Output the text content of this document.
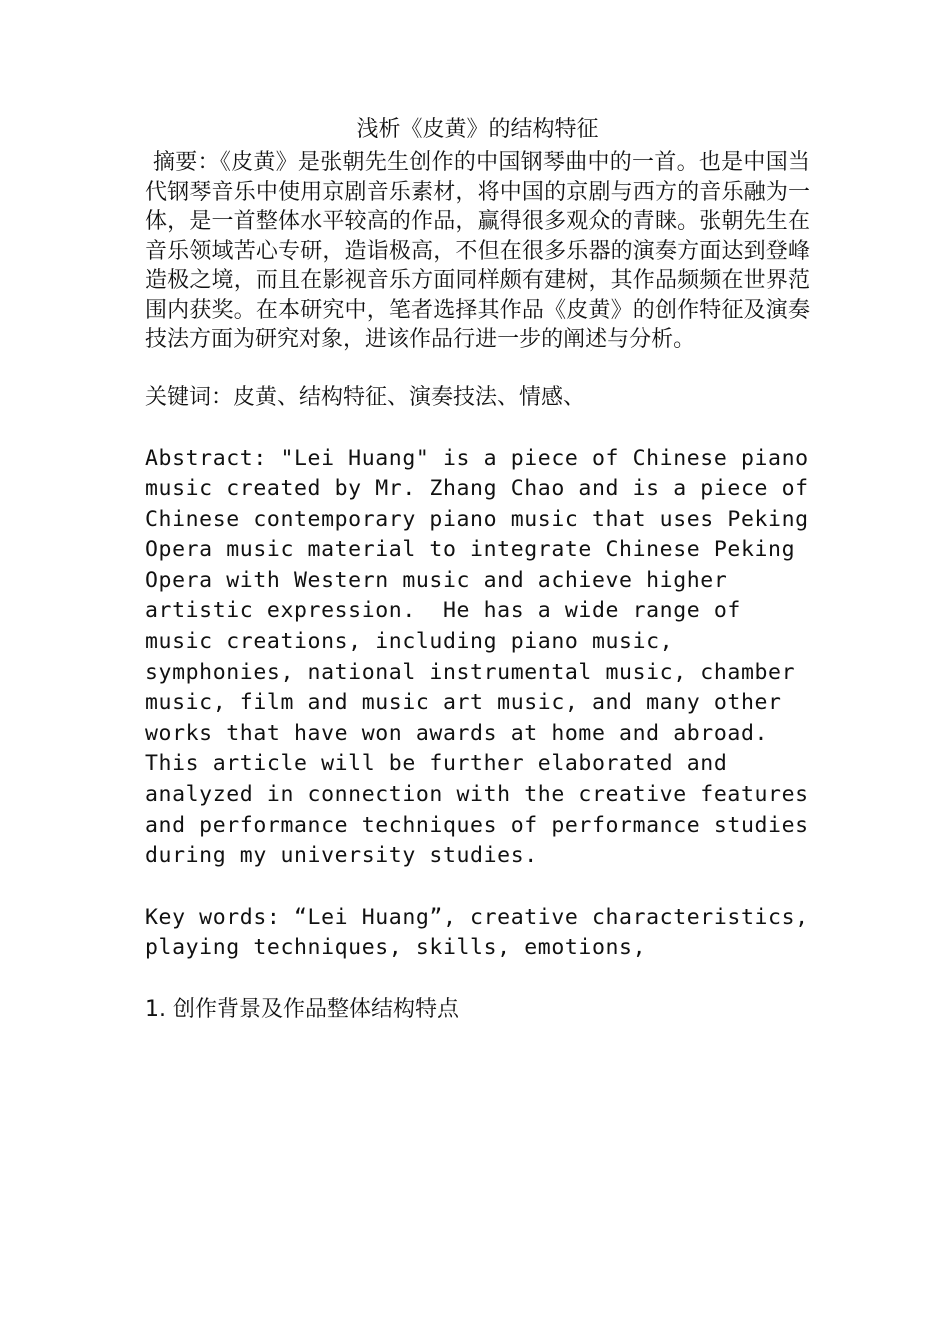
浅析《皮黄》的结构特征

摘要：《皮黄》是张朝先生创作的中国钢琴曲中的一首。也是中国当代钢琴音乐中使用京剧音乐素材，将中国的京剧与西方的音乐融为一体，是一首整体水平较高的作品，赢得很多观众的青睐。张朝先生在音乐领域苦心专研，造诣极高，不但在很多乐器的演奏方面达到登峰造极之境，而且在影视音乐方面同样颇有建树，其作品频频在世界范围内获奖。在本研究中，笔者选择其作品《皮黄》的创作特征及演奏技法方面为研究对象，进该作品行进一步的阐述与分析。

关键词：皮黄、结构特征、演奏技法、情感、

Abstract: "Lei Huang" is a piece of Chinese piano music created by Mr. Zhang Chao and is a piece of Chinese contemporary piano music that uses Peking Opera music material to integrate Chinese Peking Opera with Western music and achieve higher artistic expression.  He has a wide range of music creations, including piano music, symphonies, national instrumental music, chamber music, film and music art music, and many other works that have won awards at home and abroad. This article will be further elaborated and analyzed in connection with the creative features and performance techniques of performance studies during my university studies.

Key words: “Lei Huang”, creative characteristics, playing techniques, skills, emotions,

1. 创作背景及作品整体结构特点
